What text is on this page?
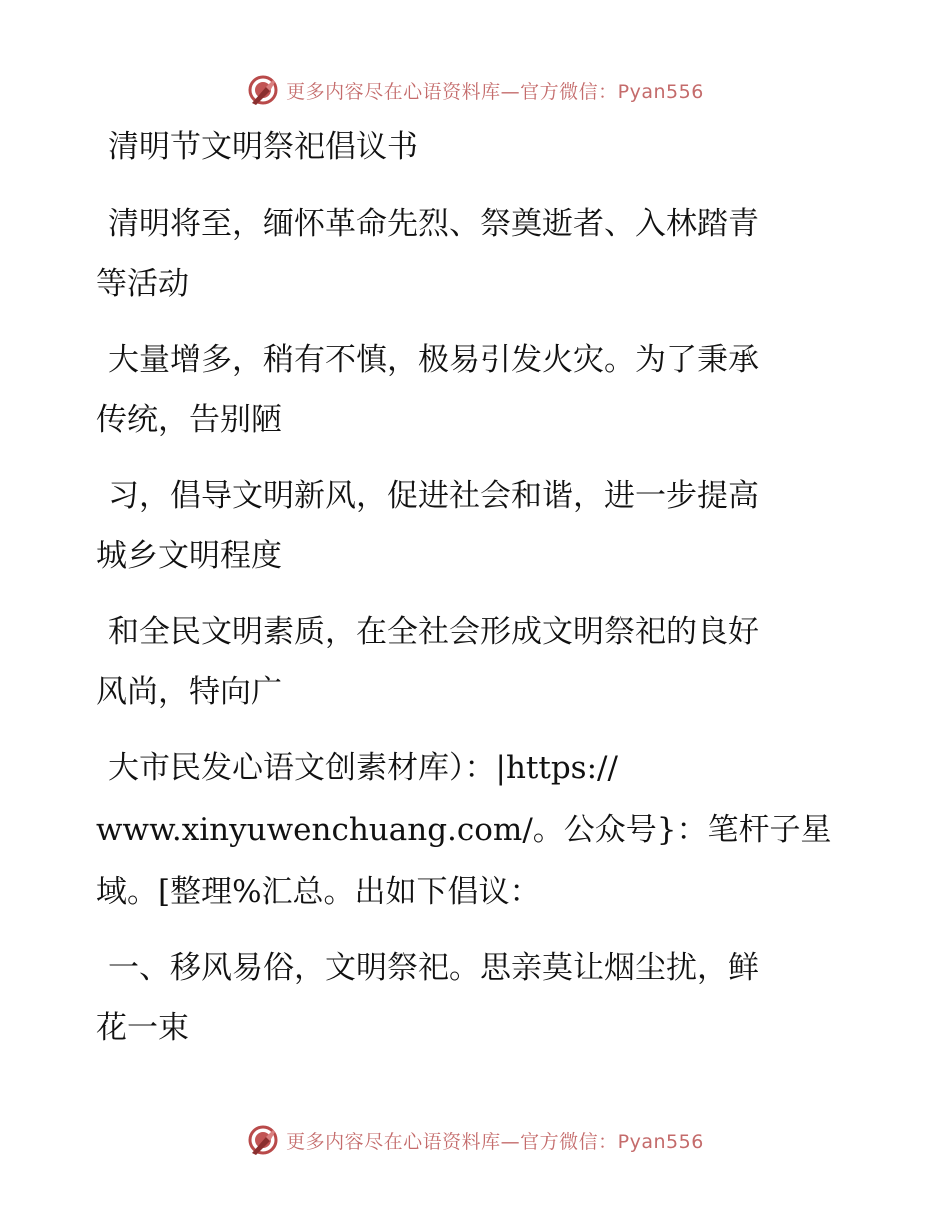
更多内容尽在心语资料库—官方微信：Pyan556
清明节文明祭祀倡议书
清明将至，缅怀革命先烈、祭奠逝者、入林踏青
等活动
大量增多，稍有不慎，极易引发火灾。为了秉承
传统，告别陋
习，倡导文明新风，促进社会和谐，进一步提高
城乡文明程度
和全民文明素质，在全社会形成文明祭祀的良好
风尚，特向广
大市民发心语文创素材库）：|https://
www.xinyuwenchuang.com/。公众号}：笔杆子星
域。[整理%汇总。出如下倡议：
一、移风易俗，文明祭祀。思亲莫让烟尘扰，鲜
花一束
更多内容尽在心语资料库—官方微信：Pyan556
